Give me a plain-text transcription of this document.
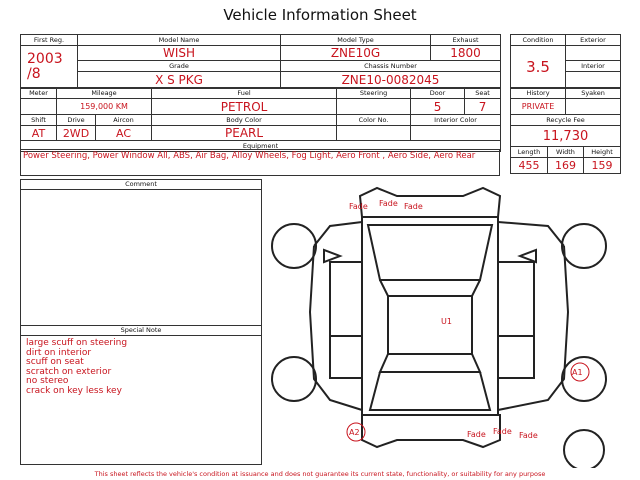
Vehicle Information Sheet
First Reg.	Model Name	Model Type	Exhaust

2003
/8	WISH	ZNE10G	1800
	Grade	Chassis Number	
	X S PKG	ZNE10-0082045	
Condition	Exterior
3.5	
	Interior

Meter	Mileage		Fuel	Steering	Door	Seat
	159,000 KM		PETROL		5	7
Shift	Drive	Aircon	Body Color	Color No.	Interior Color	
AT	2WD	AC	PEARL			
Equipment						
Power Steering, Power Window All, ABS, Air Bag, Alloy Wheels, Fog Light, Aero Front , Aero Side, Aero Rear
History		Syaken	
PRIVATE			
Recycle Fee			
11,730			
Length	Width		Height
455	169		159
Comment
Special Note
large scuff on steering
dirt on interior
scuff on seat
scratch on exterior
no stereo
crack on key less key
Fade Fade Fade
U1
A1
A2	Fade Fade Fade
This sheet reflects the vehicle's condition at issuance and does not guarantee its current state, functionality, or suitability for any purpose
